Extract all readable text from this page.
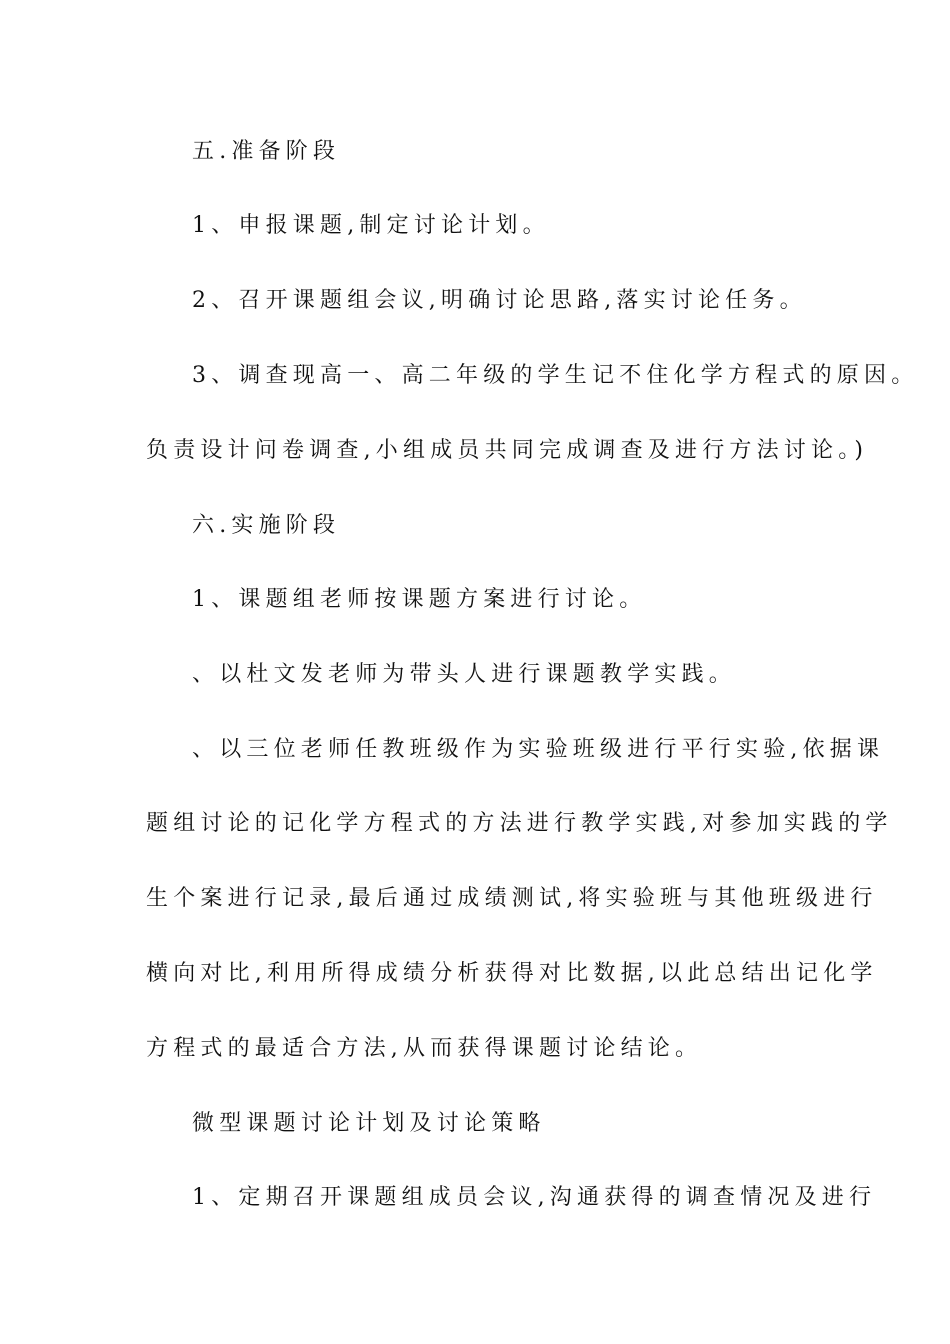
五.准备阶段
1、申报课题,制定讨论计划。
2、召开课题组会议,明确讨论思路,落实讨论任务。
3、调查现高一、高二年级的学生记不住化学方程式的原因。
负责设计问卷调查,小组成员共同完成调查及进行方法讨论。)
六.实施阶段
1、课题组老师按课题方案进行讨论。
、以杜文发老师为带头人进行课题教学实践。
、以三位老师任教班级作为实验班级进行平行实验,依据课
题组讨论的记化学方程式的方法进行教学实践,对参加实践的学
生个案进行记录,最后通过成绩测试,将实验班与其他班级进行
横向对比,利用所得成绩分析获得对比数据,以此总结出记化学
方程式的最适合方法,从而获得课题讨论结论。
微型课题讨论计划及讨论策略
1、定期召开课题组成员会议,沟通获得的调查情况及进行
